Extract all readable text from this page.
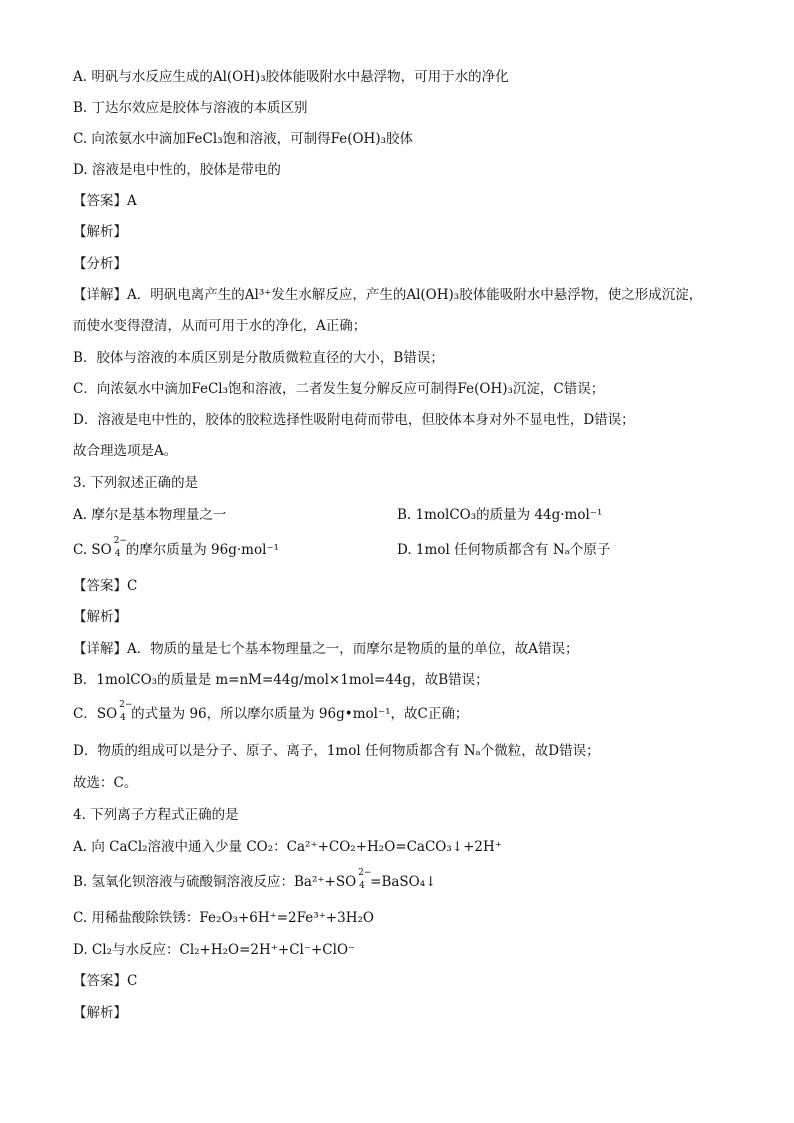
A. 明矾与水反应生成的Al(OH)₃胶体能吸附水中悬浮物，可用于水的净化
B. 丁达尔效应是胶体与溶液的本质区别
C. 向浓氨水中滴加FeCl₃饱和溶液，可制得Fe(OH)₃胶体
D. 溶液是电中性的，胶体是带电的
【答案】A
【解析】
【分析】
【详解】A．明矾电离产生的Al³⁺发生水解反应，产生的Al(OH)₃胶体能吸附水中悬浮物，使之形成沉淀，
而使水变得澄清，从而可用于水的净化，A正确；
B．胶体与溶液的本质区别是分散质微粒直径的大小，B错误；
C．向浓氨水中滴加FeCl₃饱和溶液，二者发生复分解反应可制得Fe(OH)₃沉淀，C错误；
D．溶液是电中性的，胶体的胶粒选择性吸附电荷而带电，但胶体本身对外不显电性，D错误；
故合理选项是A。
3. 下列叙述正确的是
A. 摩尔是基本物理量之一	B. 1molCO₃的质量为 44g·mol⁻¹
C. SO
2−
4 的摩尔质量为 96g·mol⁻¹	D. 1mol 任何物质都含有 Nₐ个原子
【答案】C
【解析】
【详解】A．物质的量是七个基本物理量之一，而摩尔是物质的量的单位，故A错误；
B．1molCO₃的质量是 m=nM=44g/mol×1mol=44g，故B错误；
C．SO
2−
4 的式量为 96，所以摩尔质量为 96g•mol⁻¹，故C正确；
D．物质的组成可以是分子、原子、离子，1mol 任何物质都含有 Nₐ个微粒，故D错误；
故选：C。
4. 下列离子方程式正确的是
A. 向 CaCl₂溶液中通入少量 CO₂：Ca²⁺+CO₂+H₂O=CaCO₃↓+2H⁺
B. 氢氧化钡溶液与硫酸铜溶液反应：Ba²⁺+SO
2−
4 =BaSO₄↓
C. 用稀盐酸除铁锈：Fe₂O₃+6H⁺=2Fe³⁺+3H₂O
D. Cl₂与水反应：Cl₂+H₂O=2H⁺+Cl⁻+ClO⁻
【答案】C
【解析】
